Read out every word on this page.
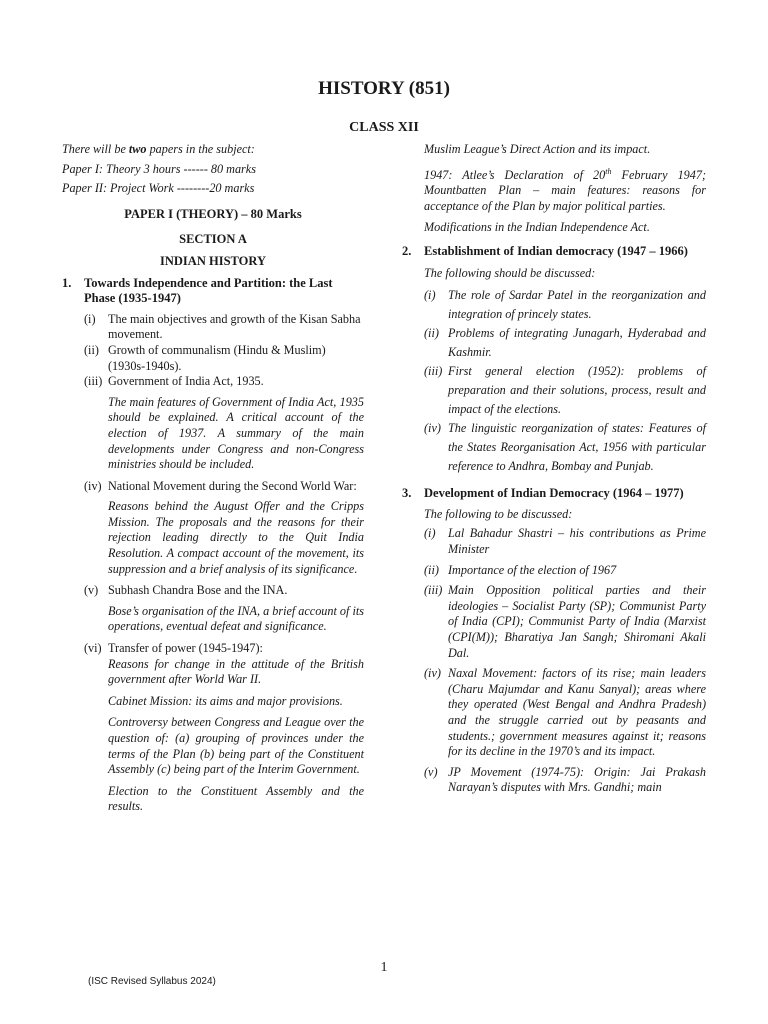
HISTORY (851)
CLASS XII

There will be two papers in the subject:

Paper I: Theory 3 hours ------ 80 marks

Paper II: Project Work --------20 marks

PAPER I (THEORY) – 80 Marks

SECTION A

INDIAN HISTORY

1.	Towards Independence and Partition: the Last Phase (1935-1947)
(i)	The main objectives and growth of the Kisan Sabha movement.
(ii) Growth of communalism (Hindu & Muslim) (1930s-1940s).
(iii) Government of India Act, 1935.

The main features of Government of India Act, 1935 should be explained. A critical account of the election of 1937. A summary of the main developments under Congress and non-Congress ministries should be included.

(iv) National Movement during the Second World War:

Reasons behind the August Offer and the Cripps Mission. The proposals and the reasons for their rejection leading directly to the Quit India Resolution. A compact account of the movement, its suppression and a brief analysis of its significance.

(v) Subhash Chandra Bose and the INA.

Bose’s organisation of the INA, a brief account of its operations, eventual defeat and significance.

(vi) Transfer of power (1945-1947):

Reasons for change in the attitude of the British government after World War II.

Cabinet Mission: its aims and major provisions.

Controversy between Congress and League over the question of: (a) grouping of provinces under the terms of the Plan (b) being part of the Constituent Assembly (c) being part of the Interim Government.

Election to the Constituent Assembly and the results.

Muslim League’s Direct Action and its impact.

1947: Atlee’s Declaration of 20th February 1947; Mountbatten Plan – main features: reasons for acceptance of the Plan by major political parties.

Modifications in the Indian Independence Act.

2.	Establishment of Indian democracy (1947 – 1966)

The following should be discussed:

(i)	The role of Sardar Patel in the reorganization and integration of princely states.
(ii) Problems of integrating Junagarh, Hyderabad and Kashmir.
(iii) First general election (1952): problems of preparation and their solutions, process, result and impact of the elections.
(iv) The linguistic reorganization of states: Features of the States Reorganisation Act, 1956 with particular reference to Andhra, Bombay and Punjab.
3.	Development of Indian Democracy (1964 – 1977)

The following to be discussed:

(i)	Lal Bahadur Shastri – his contributions as Prime Minister
(ii) Importance of the election of 1967
(iii) Main Opposition political parties and their ideologies – Socialist Party (SP); Communist Party of India (CPI); Communist Party of India (Marxist (CPI(M)); Bharatiya Jan Sangh; Shiromani Akali Dal.
(iv) Naxal Movement: factors of its rise; main leaders (Charu Majumdar and Kanu Sanyal); areas where they operated (West Bengal and Andhra Pradesh) and the struggle carried out by peasants and students.; government measures against it; reasons for its decline in the 1970’s and its impact.
(v) JP Movement (1974-75): Origin: Jai Prakash Narayan’s disputes with Mrs. Gandhi; main
1
(ISC Revised Syllabus 2024)
